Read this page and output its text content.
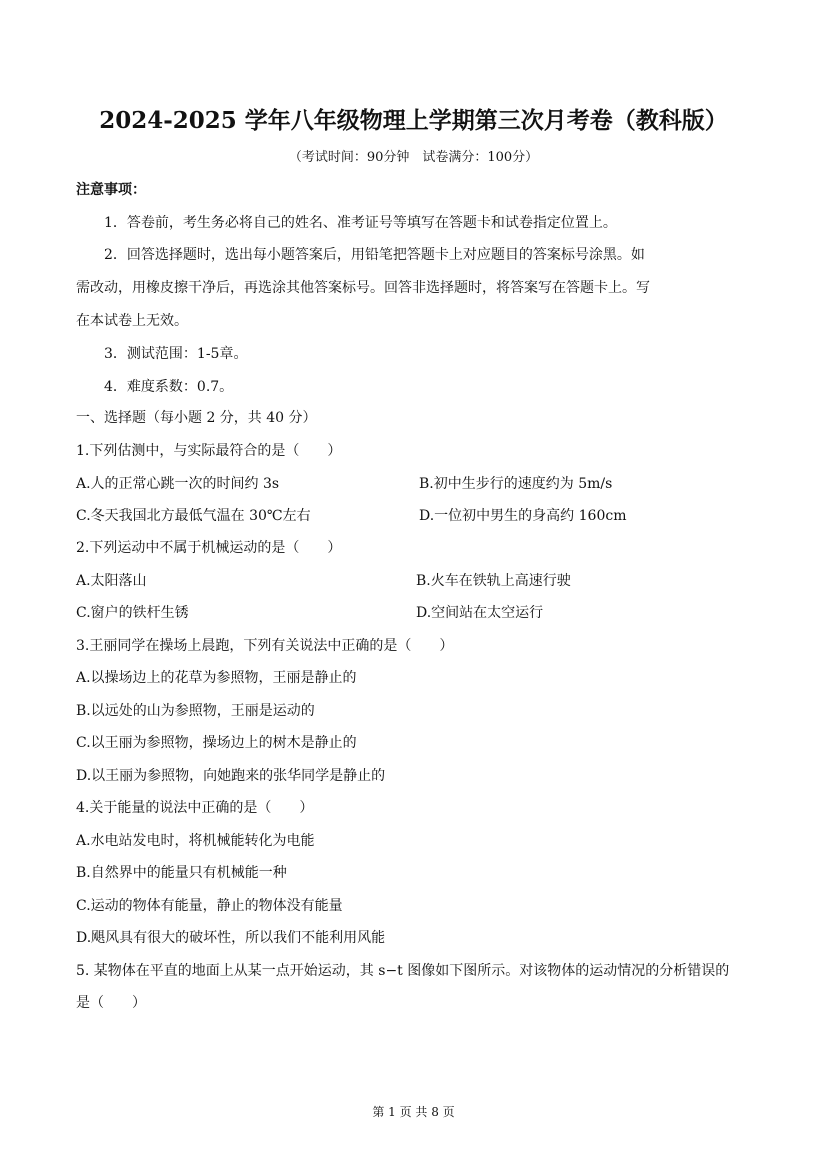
2024-2025 学年八年级物理上学期第三次月考卷（教科版）
（考试时间：90分钟　试卷满分：100分）
注意事项：
1．答卷前，考生务必将自己的姓名、准考证号等填写在答题卡和试卷指定位置上。
2．回答选择题时，选出每小题答案后，用铅笔把答题卡上对应题目的答案标号涂黑。如
需改动，用橡皮擦干净后，再选涂其他答案标号。回答非选择题时，将答案写在答题卡上。写
在本试卷上无效。
3．测试范围：1-5章。
4．难度系数：0.7。
一、选择题（每小题 2 分，共 40 分）
1.下列估测中，与实际最符合的是（　　）
A.人的正常心跳一次的时间约 3s	B.初中生步行的速度约为 5m/s
C.冬天我国北方最低气温在 30℃左右	D.一位初中男生的身高约 160cm
2.下列运动中不属于机械运动的是（　　）
A.太阳落山	B.火车在铁轨上高速行驶
C.窗户的铁杆生锈	D.空间站在太空运行
3.王丽同学在操场上晨跑，下列有关说法中正确的是（　　）
A.以操场边上的花草为参照物，王丽是静止的
B.以远处的山为参照物，王丽是运动的
C.以王丽为参照物，操场边上的树木是静止的
D.以王丽为参照物，向她跑来的张华同学是静止的
4.关于能量的说法中正确的是（　　）
A.水电站发电时，将机械能转化为电能
B.自然界中的能量只有机械能一种
C.运动的物体有能量，静止的物体没有能量
D.飓风具有很大的破坏性，所以我们不能利用风能
5. 某物体在平直的地面上从某一点开始运动，其 s−t 图像如下图所示。对该物体的运动情况的分析错误的
是（　　）
第 1 页 共 8 页
